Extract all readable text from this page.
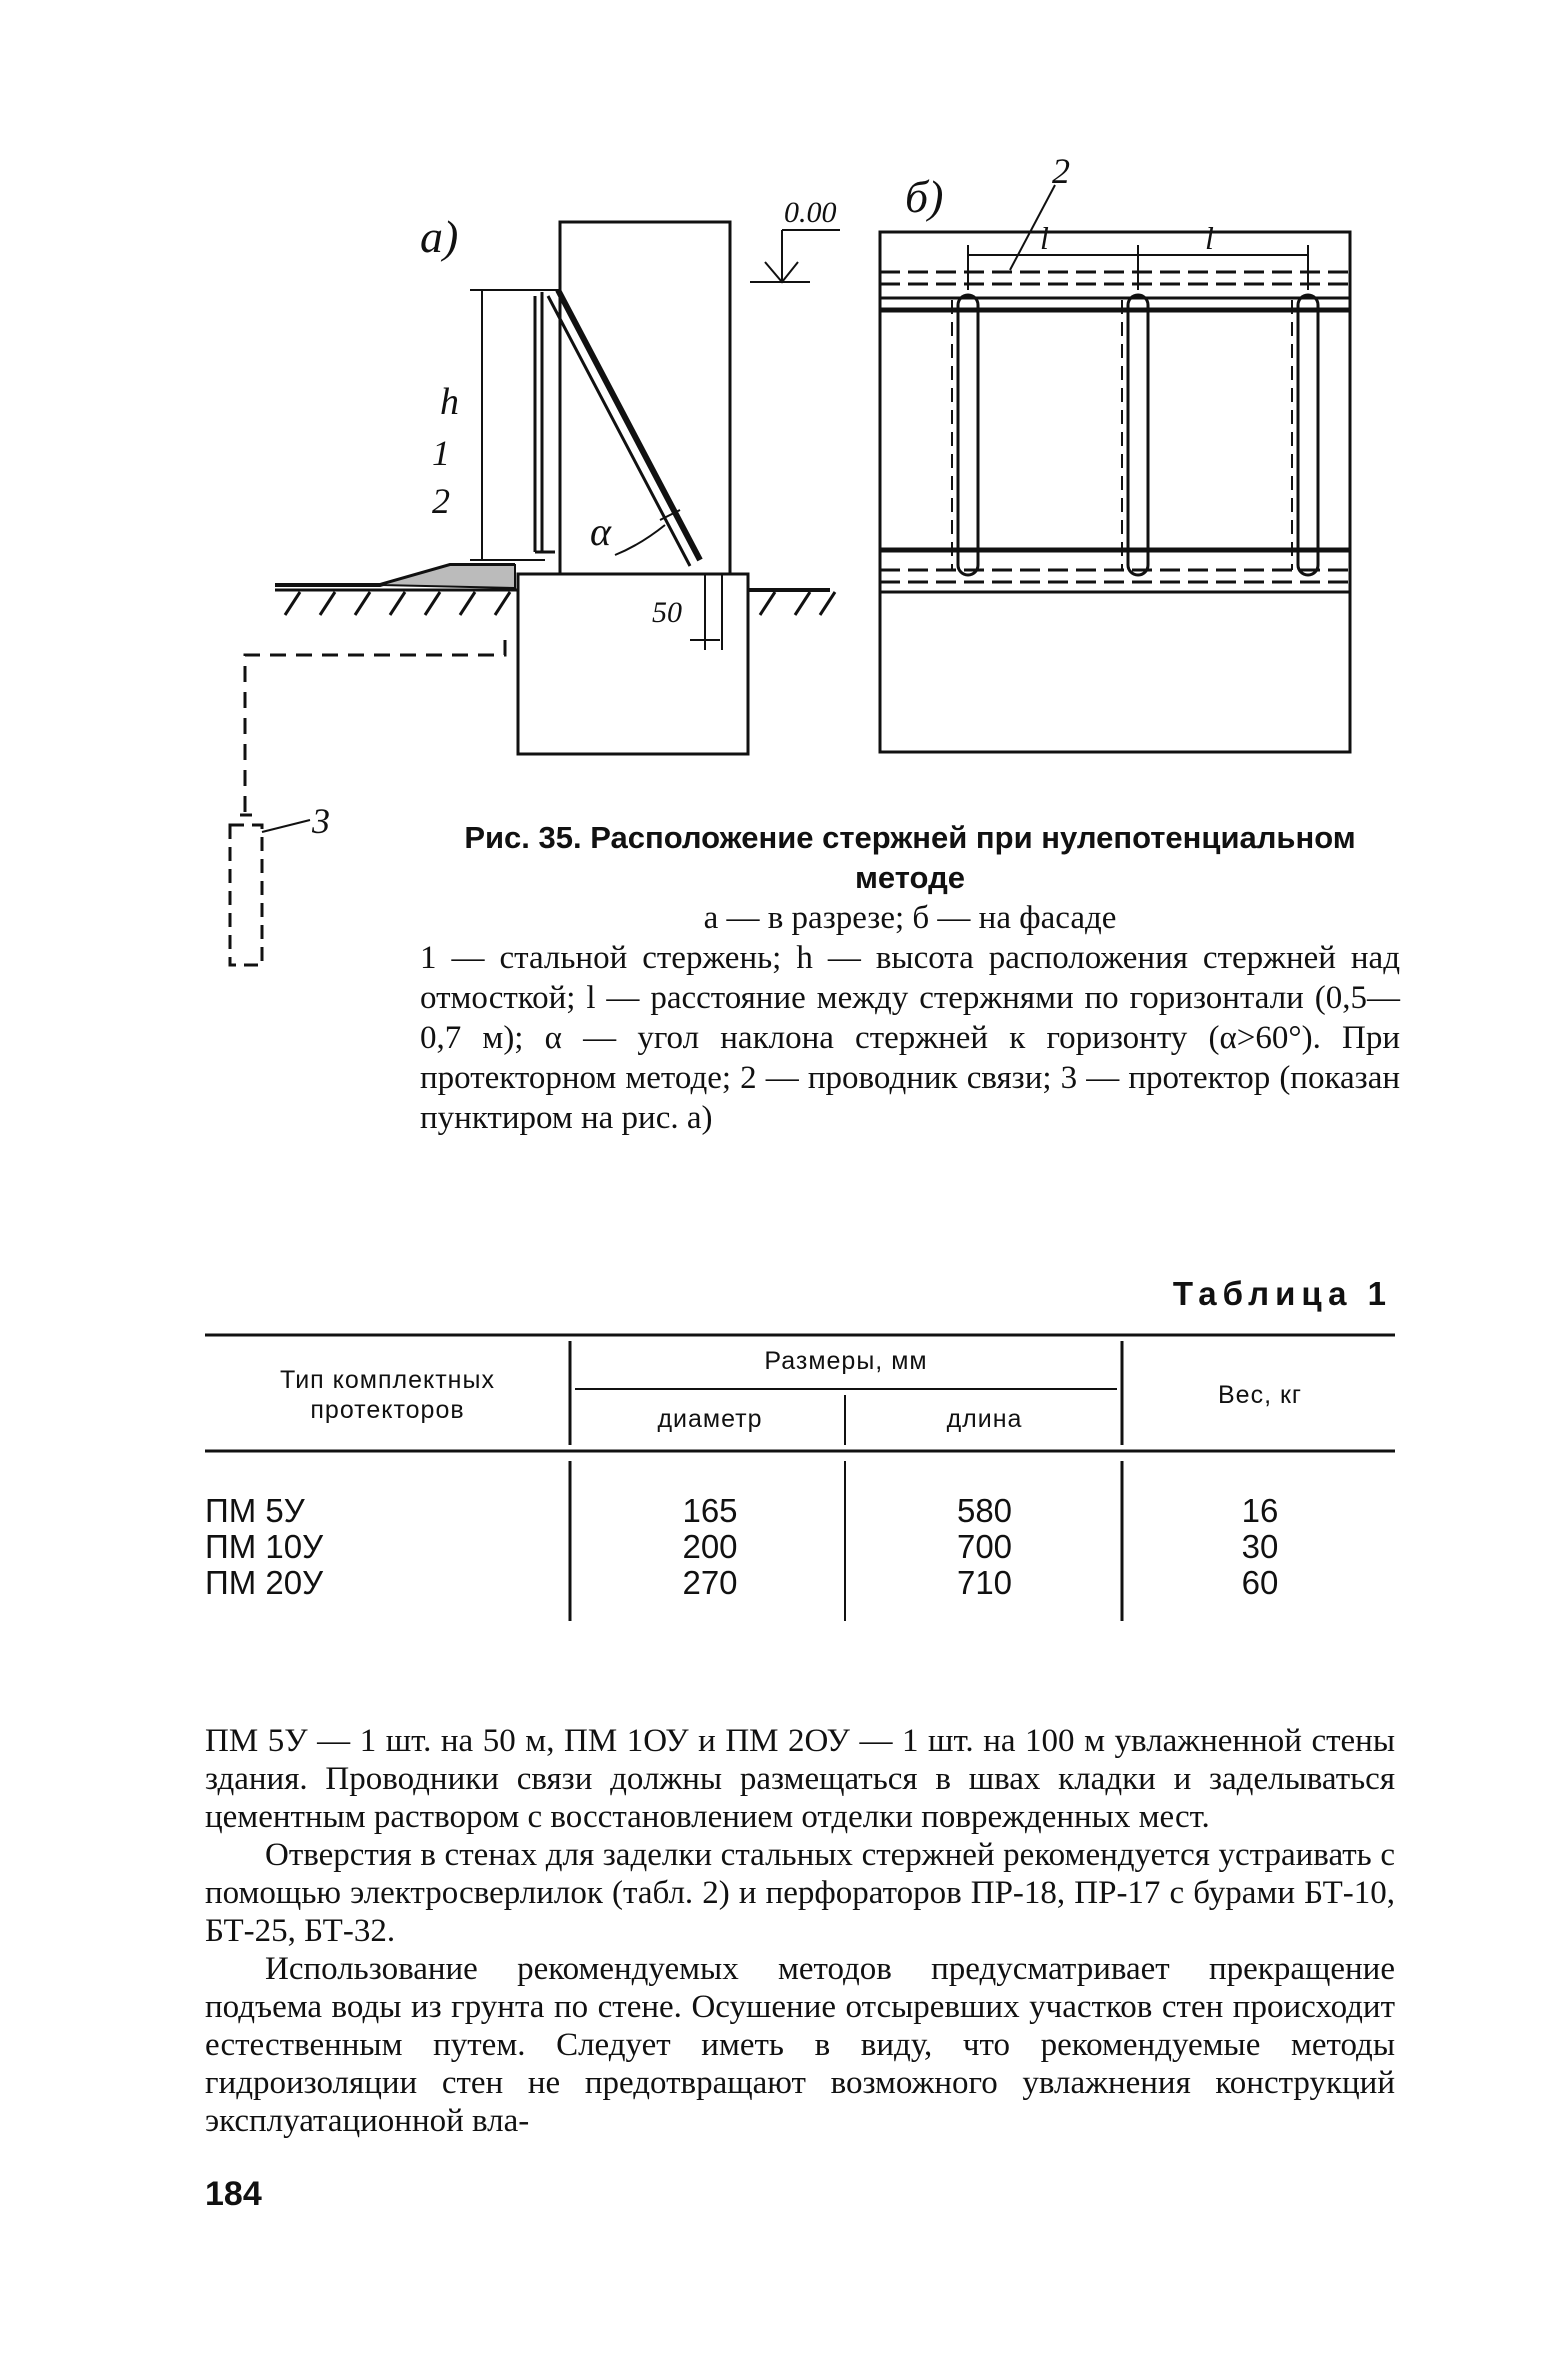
а)
б)
0.00
h
l	l
50
α
1
2
2
3	Рис. 35. Расположение стержней при нулепотенциальном методе
а — в разрезе; б — на фасаде
1 — стальной стержень; h — высота расположения стержней над отмосткой; l — расстояние между стержнями по горизонтали (0,5—0,7 м); α — угол наклона стержней к горизонту (α>60°). При протекторном методе; 2 — проводник связи; 3 — протектор (показан пунктиром на рис. а)
Таблица 1
Тип комплектных протекторов
Размеры, мм
диаметр	длина
Вес, кг
ПМ 5У	165	580	16
ПМ 10У	200	700	30
ПМ 20У	270	710	60

ПМ 5У — 1 шт. на 50 м, ПМ 1ОУ и ПМ 2ОУ — 1 шт. на 100 м увлажненной стены здания. Проводники связи должны размещаться в швах кладки и заделываться цементным раствором с восстановлением отделки поврежденных мест.

Отверстия в стенах для заделки стальных стержней рекомендуется устраивать с помощью электросверлилок (табл. 2) и перфораторов ПР-18, ПР-17 с бурами БТ-10, БТ-25, БТ-32.

Использование рекомендуемых методов предусматривает прекращение подъема воды из грунта по стене. Осушение отсыревших участков стен происходит естественным путем. Следует иметь в виду, что рекомендуемые методы гидроизоляции стен не предотвращают возможного увлажнения конструкций эксплуатационной вла-

184
